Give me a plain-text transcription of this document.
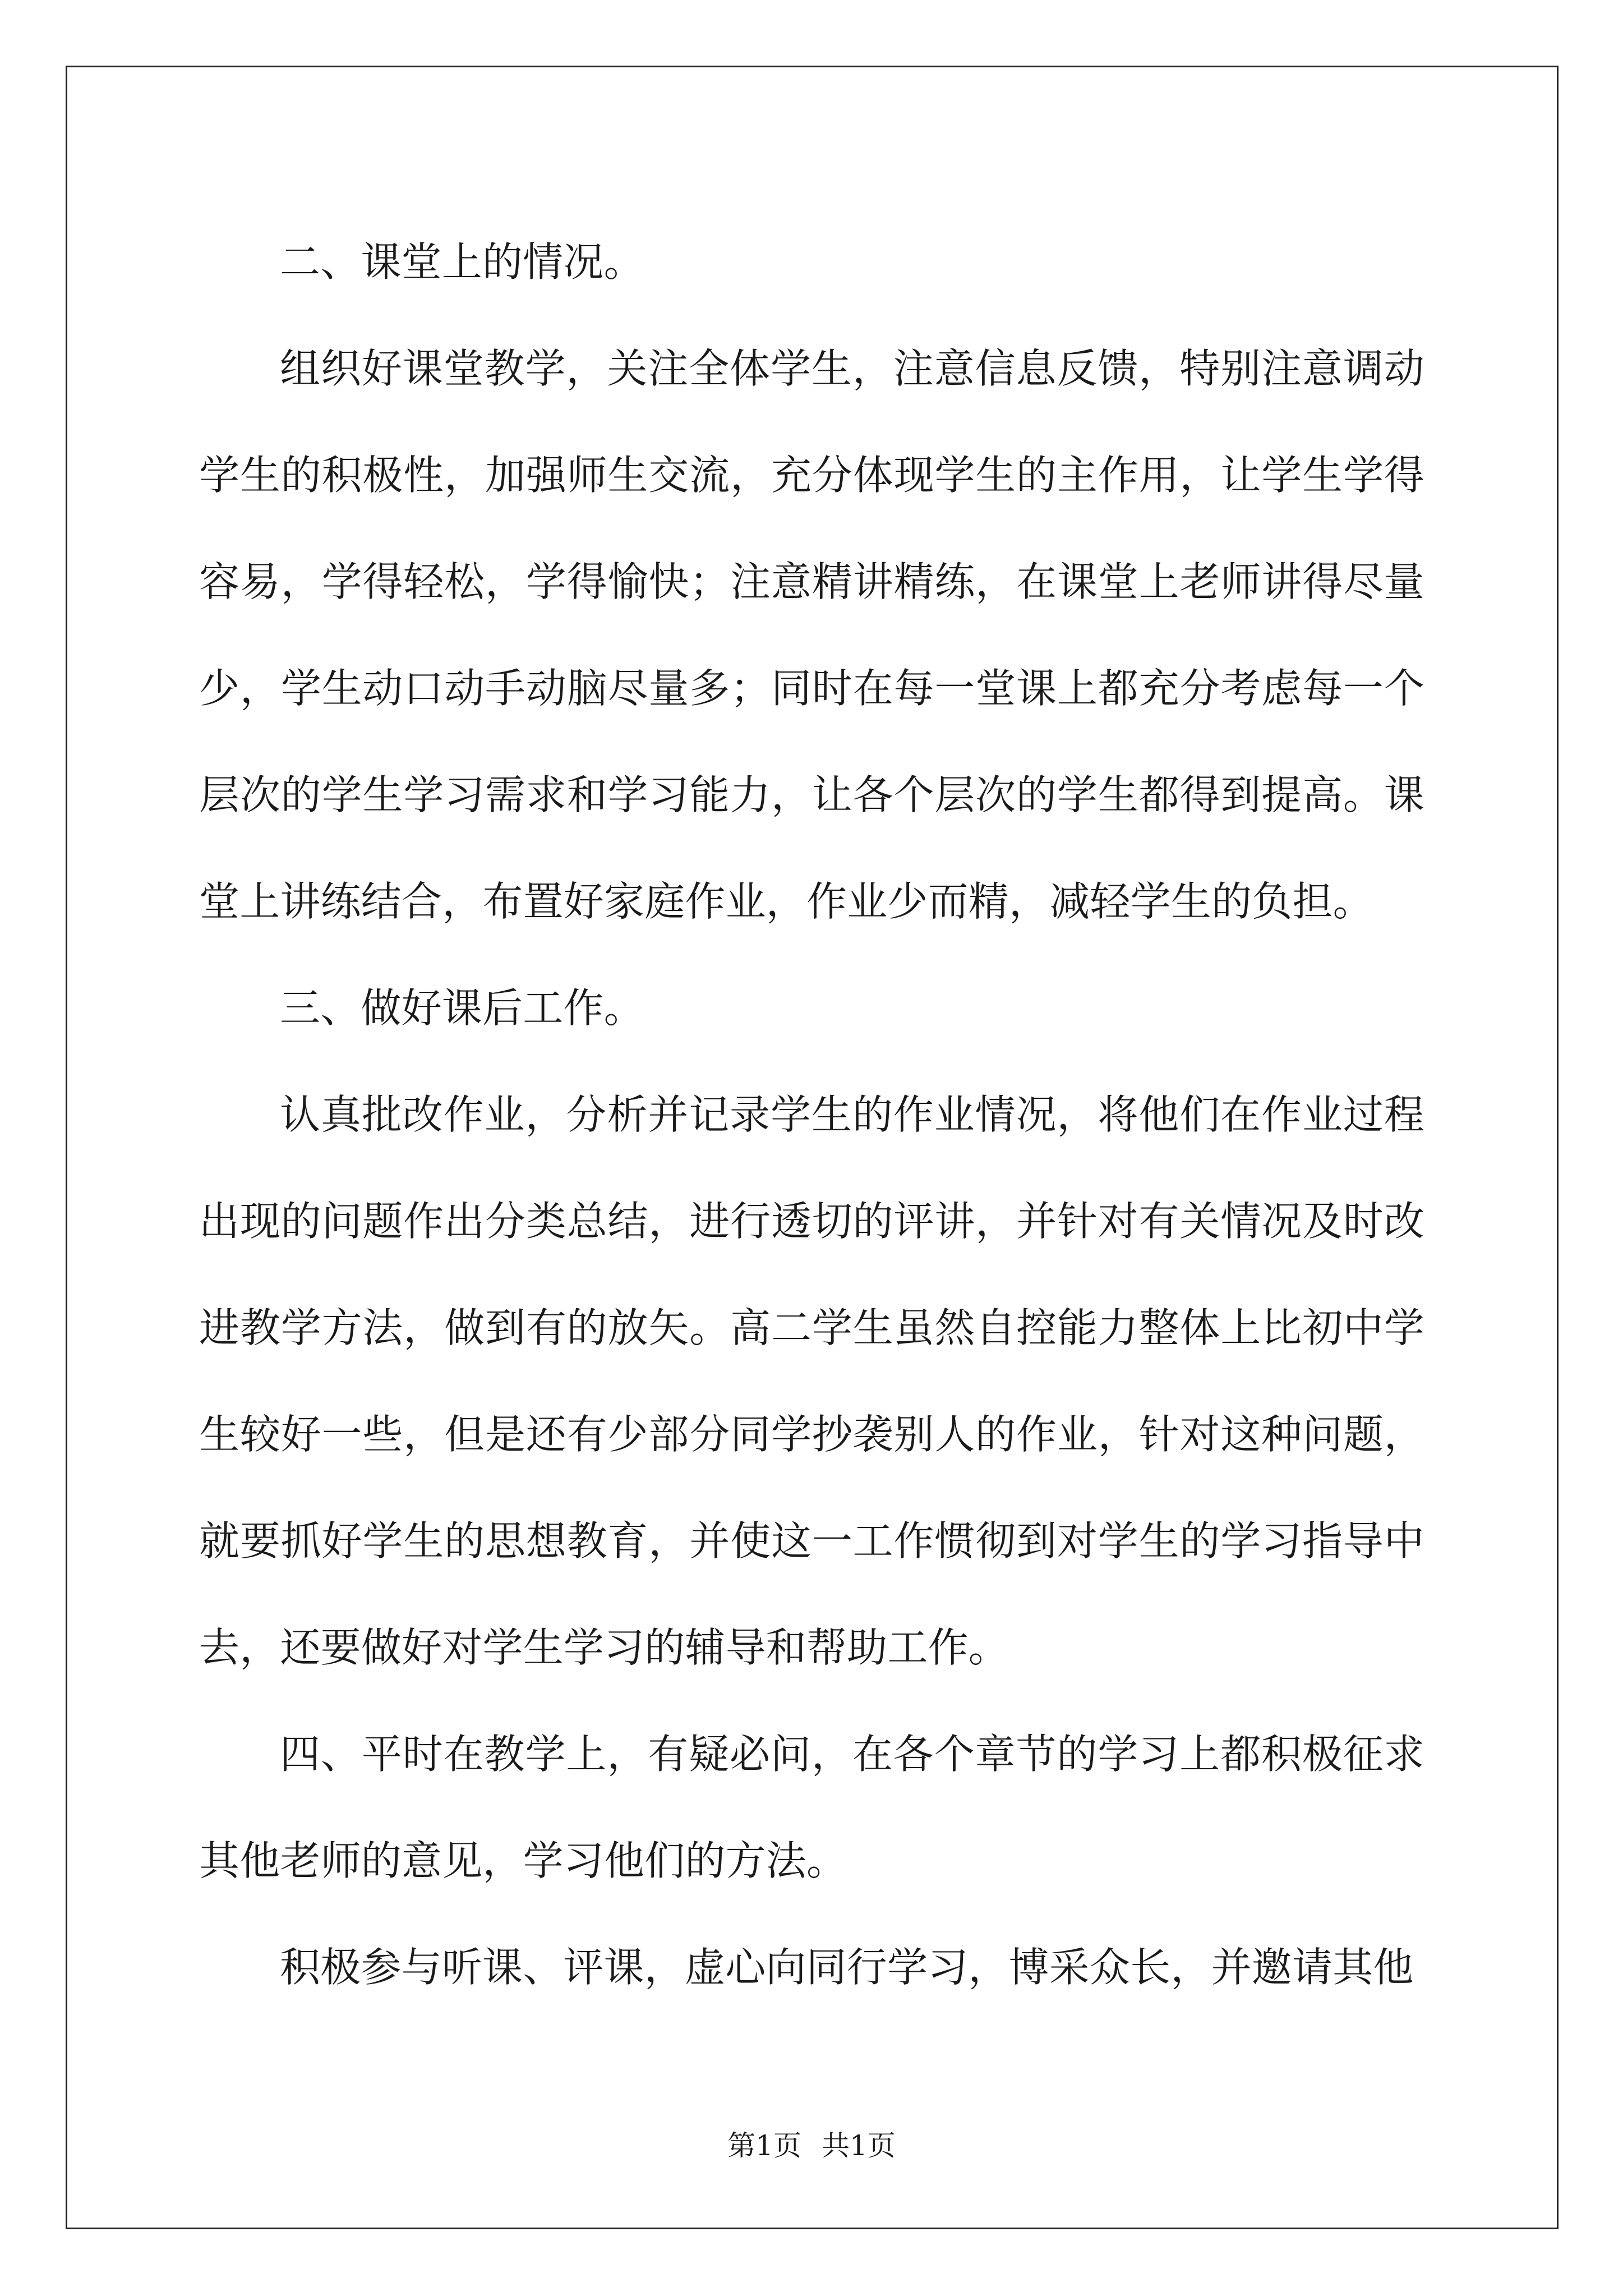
二、课堂上的情况。

组织好课堂教学，关注全体学生，注意信息反馈，特别注意调动学生的积极性，加强师生交流，充分体现学生的主作用，让学生学得容易，学得轻松，学得愉快；注意精讲精练，在课堂上老师讲得尽量少，学生动口动手动脑尽量多；同时在每一堂课上都充分考虑每一个层次的学生学习需求和学习能力，让各个层次的学生都得到提高。课堂上讲练结合，布置好家庭作业，作业少而精，减轻学生的负担。

三、做好课后工作。

认真批改作业，分析并记录学生的作业情况，将他们在作业过程出现的问题作出分类总结，进行透切的评讲，并针对有关情况及时改进教学方法，做到有的放矢。高二学生虽然自控能力整体上比初中学生较好一些，但是还有少部分同学抄袭别人的作业，针对这种问题，就要抓好学生的思想教育，并使这一工作惯彻到对学生的学习指导中去，还要做好对学生学习的辅导和帮助工作。

四、平时在教学上，有疑必问，在各个章节的学习上都积极征求其他老师的意见，学习他们的方法。

积极参与听课、评课，虚心向同行学习，博采众长，并邀请其他

第1页 共1页
